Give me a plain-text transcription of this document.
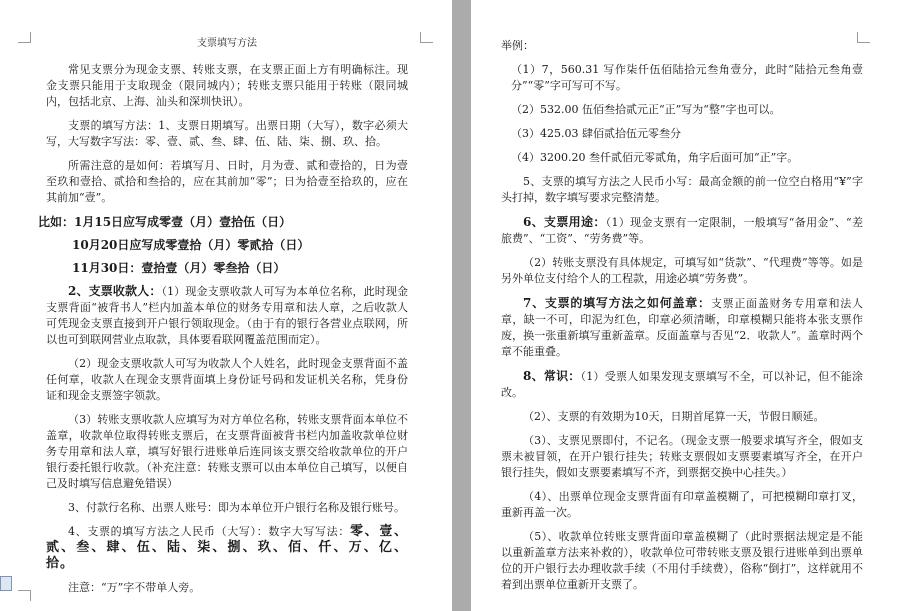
支票填写方法

常见支票分为现金支票、转账支票，在支票正面上方有明确标注。现金支票只能用于支取现金（限同城内）；转账支票只能用于转账（限同城内，包括北京、上海、汕头和深圳快讯）。

支票的填写方法：1、支票日期填写。出票日期（大写），数字必须大写，大写数字写法：零、壹、贰、叁、肆、伍、陆、柒、捌、玖、拾。

所需注意的是如何：若填写月、日时，月为壹、贰和壹拾的，日为壹至玖和壹拾、贰拾和叁拾的，应在其前加“零”；日为拾壹至拾玖的，应在其前加“壹”。

比如：1月15日应写成零壹（月）壹拾伍（日）

10月20日应写成零壹拾（月）零贰拾（日）

11月30日：壹拾壹（月）零叁拾（日）

2、支票收款人：（1）现金支票收款人可写为本单位名称，此时现金支票背面“被背书人”栏内加盖本单位的财务专用章和法人章，之后收款人可凭现金支票直接到开户银行领取现金。（由于有的银行各营业点联网，所以也可到联网营业点取款，具体要看联网覆盖范围而定）。

（2）现金支票收款人可写为收款人个人姓名，此时现金支票背面不盖任何章，收款人在现金支票背面填上身份证号码和发证机关名称，凭身份证和现金支票签字领款。

（3）转账支票收款人应填写为对方单位名称，转账支票背面本单位不盖章，收款单位取得转账支票后，在支票背面被背书栏内加盖收款单位财务专用章和法人章，填写好银行进账单后连同该支票交给收款单位的开户银行委托银行收款。（补充注意：转账支票可以由本单位自己填写，以便自己及时填写信息避免错误）

3、付款行名称、出票人账号：即为本单位开户银行名称及银行账号。

4、支票的填写方法之人民币（大写）：数字大写写法：零、壹、贰、叁、肆、伍、陆、柒、捌、玖、佰、仟、万、亿、拾。

注意：“万”字不带单人旁。

举例：

（1）7，560.31 写作柒仟伍佰陆拾元叁角壹分，此时“陆拾元叁角壹分”“零”字可写可不写。

（2）532.00 伍佰叁拾贰元正“正”写为“整”字也可以。

（3）425.03 肆佰贰拾伍元零叁分

（4）3200.20 叁仟贰佰元零贰角，角字后面可加“正”字。

5、支票的填写方法之人民币小写：最高金额的前一位空白格用“¥”字头打掉，数字填写要求完整清楚。

6、支票用途：（1）现金支票有一定限制，一般填写“备用金”、“差旅费”、“工资”、“劳务费”等。

（2）转账支票没有具体规定，可填写如“货款”、“代理费”等等。如是另外单位支付给个人的工程款，用途必填“劳务费”。

7、支票的填写方法之如何盖章：支票正面盖财务专用章和法人章，缺一不可，印泥为红色，印章必须清晰，印章模糊只能将本张支票作废，换一张重新填写重新盖章。反面盖章与否见“2．收款人”。盖章时两个章不能重叠。

8、常识：（1）受票人如果发现支票填写不全，可以补记，但不能涂改。

（2）、支票的有效期为10天，日期首尾算一天，节假日顺延。

（3）、支票见票即付，不记名。（现金支票一般要求填写齐全，假如支票未被冒领，在开户银行挂失；转账支票假如支票要素填写齐全，在开户银行挂失，假如支票要素填写不齐，到票据交换中心挂失。）

（4）、出票单位现金支票背面有印章盖模糊了，可把模糊印章打叉，重新再盖一次。

（5）、收款单位转账支票背面印章盖模糊了（此时票据法规定是不能以重新盖章方法来补救的），收款单位可带转账支票及银行进账单到出票单位的开户银行去办理收款手续（不用付手续费），俗称“倒打”，这样就用不着到出票单位重新开支票了。
